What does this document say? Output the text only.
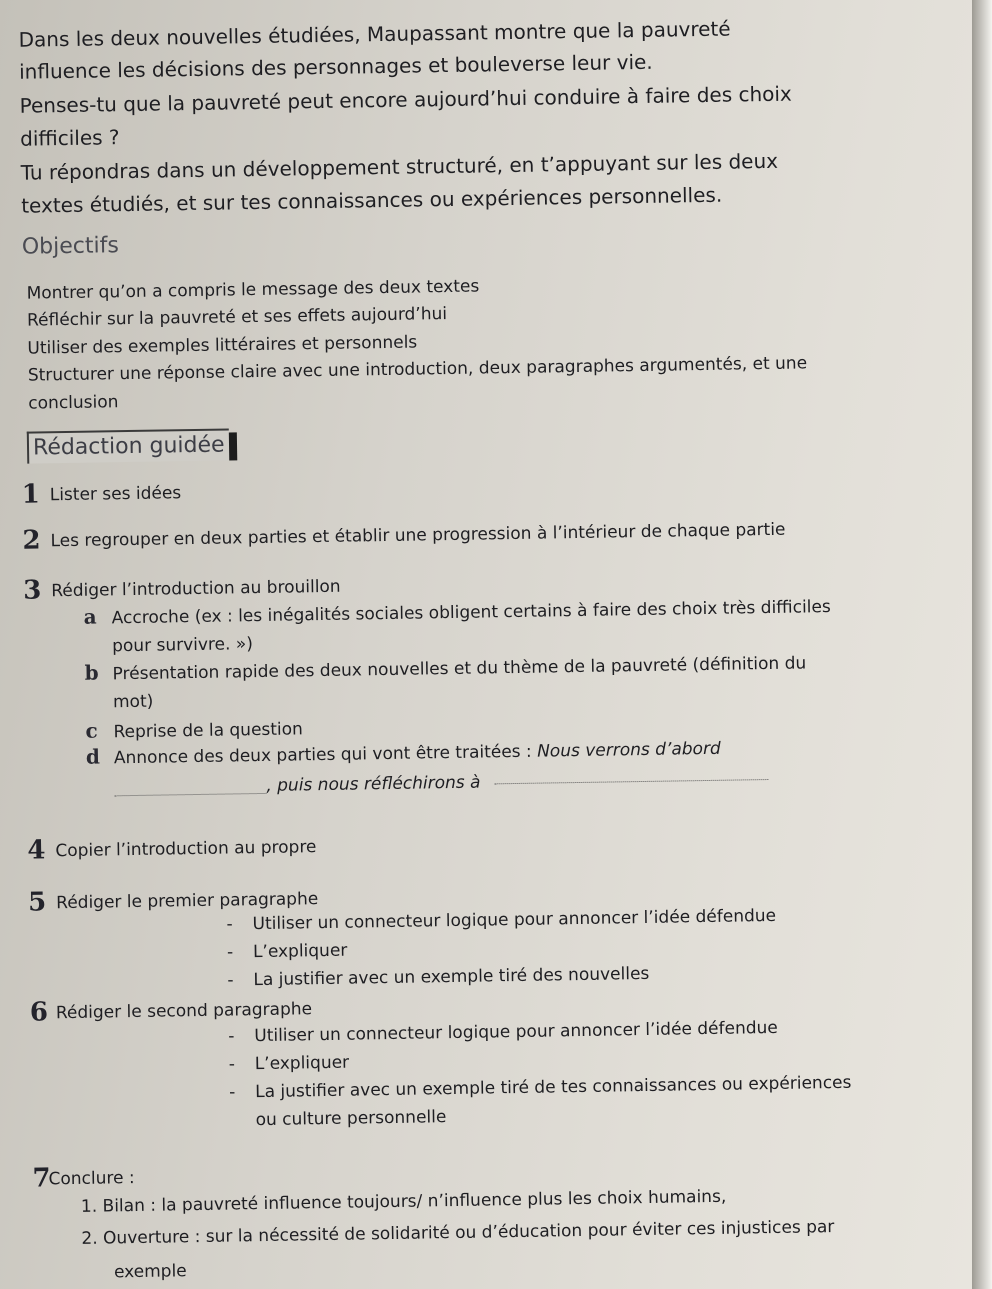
Dans les deux nouvelles étudiées, Maupassant montre que la pauvreté
influence les décisions des personnages et bouleverse leur vie.
Penses-tu que la pauvreté peut encore aujourd’hui conduire à faire des choix
difficiles ?
Tu répondras dans un développement structuré, en t’appuyant sur les deux
textes étudiés, et sur tes connaissances ou expériences personnelles.
Objectifs
Montrer qu’on a compris le message des deux textes
Réfléchir sur la pauvreté et ses effets aujourd’hui
Utiliser des exemples littéraires et personnels
Structurer une réponse claire avec une introduction, deux paragraphes argumentés, et une
conclusion
Rédaction guidée
1 Lister ses idées
2 Les regrouper en deux parties et établir une progression à l’intérieur de chaque partie
3 Rédiger l’introduction au brouillon
a Accroche (ex : les inégalités sociales obligent certains à faire des choix très difficiles
pour survivre. »)
b Présentation rapide des deux nouvelles et du thème de la pauvreté (définition du
mot)
c Reprise de la question
d Annonce des deux parties qui vont être traitées : Nous verrons d’abord
, puis nous réfléchirons à
4 Copier l’introduction au propre
5 Rédiger le premier paragraphe
- Utiliser un connecteur logique pour annoncer l’idée défendue
- L’expliquer
- La justifier avec un exemple tiré des nouvelles
6 Rédiger le second paragraphe
- Utiliser un connecteur logique pour annoncer l’idée défendue
- L’expliquer
- La justifier avec un exemple tiré de tes connaissances ou expériences
ou culture personnelle
7
Conclure :
1. Bilan : la pauvreté influence toujours/ n’influence plus les choix humains,
2. Ouverture : sur la nécessité de solidarité ou d’éducation pour éviter ces injustices par
exemple
